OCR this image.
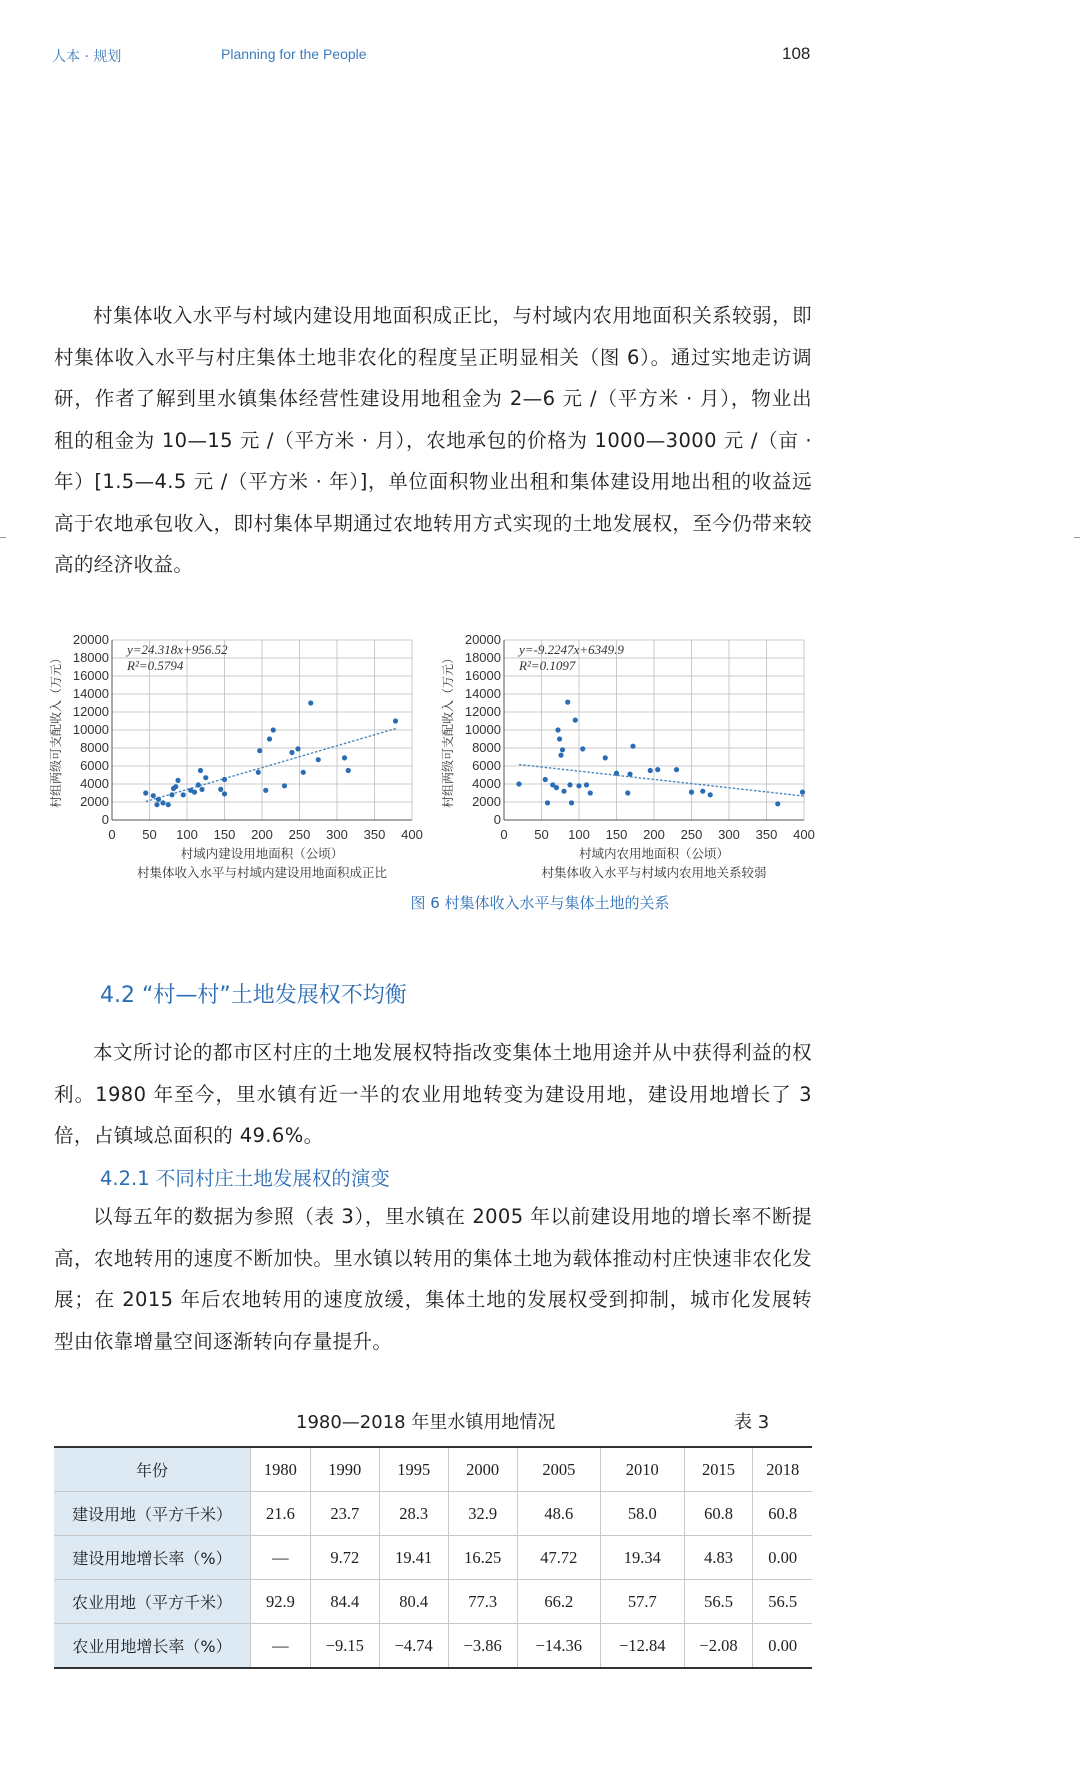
人本 · 规划	Planning for the People	108

村集体收入水平与村域内建设用地面积成正比，与村域内农用地面积关系较弱，即村集体收入水平与村庄集体土地非农化的程度呈正明显相关（图 6）。通过实地走访调研，作者了解到里水镇集体经营性建设用地租金为 2—6 元 /（平方米 · 月），物业出租的租金为 10—15 元 /（平方米 · 月），农地承包的价格为 1000—3000 元 /（亩 · 年）[1.5—4.5 元 /（平方米 · 年）]，单位面积物业出租和集体建设用地出租的收益远高于农地承包收入，即村集体早期通过农地转用方式实现的土地发展权，至今仍带来较高的经济收益。

0
2000
4000
6000
8000
10000
12000
14000
16000
18000
20000
0 50 100 150 200 250 300 350 400
y=24.318x+956.52
R²=0.5794
村组两级可支配收入（万元）
村域内建设用地面积（公顷）
村集体收入水平与村域内建设用地面积成正比
0
2000
4000
6000
8000
10000
12000
14000
16000
18000
20000
0 50 100 150 200 250 300 350 400
y=-9.2247x+6349.9
R²=0.1097
村组两级可支配收入（万元）
村域内农用地面积（公顷）
村集体收入水平与村域内农用地关系较弱
图 6 村集体收入水平与集体土地的关系
4.2 “村—村”土地发展权不均衡

本文所讨论的都市区村庄的土地发展权特指改变集体土地用途并从中获得利益的权利。1980 年至今，里水镇有近一半的农业用地转变为建设用地，建设用地增长了 3 倍，占镇域总面积的 49.6%。

4.2.1 不同村庄土地发展权的演变

以每五年的数据为参照（表 3），里水镇在 2005 年以前建设用地的增长率不断提高，农地转用的速度不断加快。里水镇以转用的集体土地为载体推动村庄快速非农化发展；在 2015 年后农地转用的速度放缓，集体土地的发展权受到抑制，城市化发展转型由依靠增量空间逐渐转向存量提升。

1980—2018 年里水镇用地情况	表 3
年份	1980	1990	1995	2000	2005	2010	2015	2018
建设用地（平方千米）	21.6	23.7	28.3	32.9	48.6	58.0	60.8	60.8
建设用地增长率（%）	—	9.72	19.41	16.25	47.72	19.34	4.83	0.00
农业用地（平方千米）	92.9	84.4	80.4	77.3	66.2	57.7	56.5	56.5
农业用地增长率（%）	—	−9.15	−4.74	−3.86	−14.36	−12.84	−2.08	0.00
